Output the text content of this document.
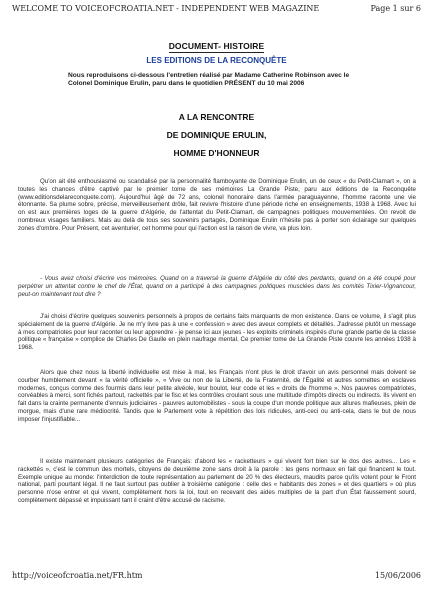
WELCOME TO VOICEOFCROATIA.NET - INDEPENDENT WEB MAGAZINE	Page 1 sur 6
DOCUMENT- HISTOIRE
LES EDITIONS DE LA RECONQUÊTE
Nous reproduisons ci-dessous l'entretien réalisé par Madame Catherine Robinson avec le
Colonel Dominique Erulin, paru dans le quotidien PRÉSENT du 10 mai 2006
A LA RENCONTRE
DE DOMINIQUE ERULIN,
HOMME D'HONNEUR

Qu'on ait été enthousiasmé ou scandalisé par la personnalité flamboyante de Dominique Erulin, un de ceux « du Petit-Clamart », on a toutes les chances d'être captivé par le premier tome de ses mémoires La Grande Piste, paru aux éditions de la Reconquête (www.editionsdelareconquete.com). Aujourd'hui âgé de 72 ans, colonel honoraire dans l'armée paraguayenne, l'homme raconte une vie étonnante. Sa plume sobre, précise, merveilleusement drôle, fait revivre l'histoire d'une période riche en enseignements, 1938 à 1968. Avec lui on est aux premières loges de la guerre d'Algérie, de l'attentat du Petit-Clamart, de campagnes politiques mouvementées. On revoit de nombreux visages familiers. Mais au delà de tous ses souvenirs partagés, Dominique Erulin n'hésite pas à porter son éclairage sur quelques zones d'ombre. Pour Présent, cet aventurier, cet homme pour qui l'action est la raison de vivre, va plus loin.

- Vous avez choisi d'écrire vos mémoires. Quand on a traversé la guerre d'Algérie du côté des perdants, quand on a été coupé pour perpétrer un attentat contre le chef de l'État, quand on a participé à des campagnes politiques musclées dans les comités Tixier-Vignancour, peut-on maintenant tout dire ?

J'ai choisi d'écrire quelques souvenirs personnels à propos de certains faits marquants de mon existence. Dans ce volume, il s'agit plus spécialement de la guerre d'Algérie. Je ne m'y livre pas à une « confession » avec des aveux complets et détaillés. J'adresse plutôt un message à mes compatriotes pour leur raconter ou leur apprendre - je pense ici aux jeunes - les exploits criminels inspirés d'une grande partie de la classe politique « française » complice de Charles De Gaulle en plein naufrage mental. Ce premier tome de La Grande Piste couvre les années 1938 à 1968.

Alors que chez nous la liberté individuelle est mise à mal, les Français n'ont plus le droit d'avoir un avis personnel mais doivent se courber humblement devant « la vérité officielle », « Vive ou non de la Liberté, de la Fraternité, de l'Égalité et autres sornettes en esclaves modernes, conçus comme des fourmis dans leur petite alvéole, leur boulot, leur code et les « droits de l'homme ». Nos pauvres compatriotes, corvéables à merci, sont fichés partout, rackettés par le fisc et les contrôles croulant sous une multitude d'impôts directs ou indirects. Ils vivent en fait dans la crainte permanente d'ennuis judiciaires - pauvres automobilistes - sous la coupe d'un monde politique aux allures mafieuses, plein de morgue, mais d'une rare médiocrité. Tandis que le Parlement vote à répétition des lois ridicules, anti-ceci ou anti-cela, dans le but de nous imposer l'injustifiable...

Il existe maintenant plusieurs catégories de Français: d'abord les « racketteurs » qui vivent fort bien sur le dos des autres... Les « rackettés », c'est le commun des mortels, citoyens de deuxième zone sans droit à la parole : les gens normaux en fait qui financent le tout. Exemple unique au monde: l'interdiction de toute représentation au parlement de 20 % des électeurs, maudits parce qu'ils votent pour le Front national, parti pourtant légal. Il ne faut surtout pas oublier à troisième catégorie : celle des « habitants des zones » et des quartiers » où plus personne n'ose entrer et qui vivent, complètement hors la loi, tout en recevant des aides multiples de la part d'un État faussement sourd, complètement dépassé et impuissant tant il craint d'être accusé de racisme.

http://voiceofcroatia.net/FR.htm	15/06/2006
